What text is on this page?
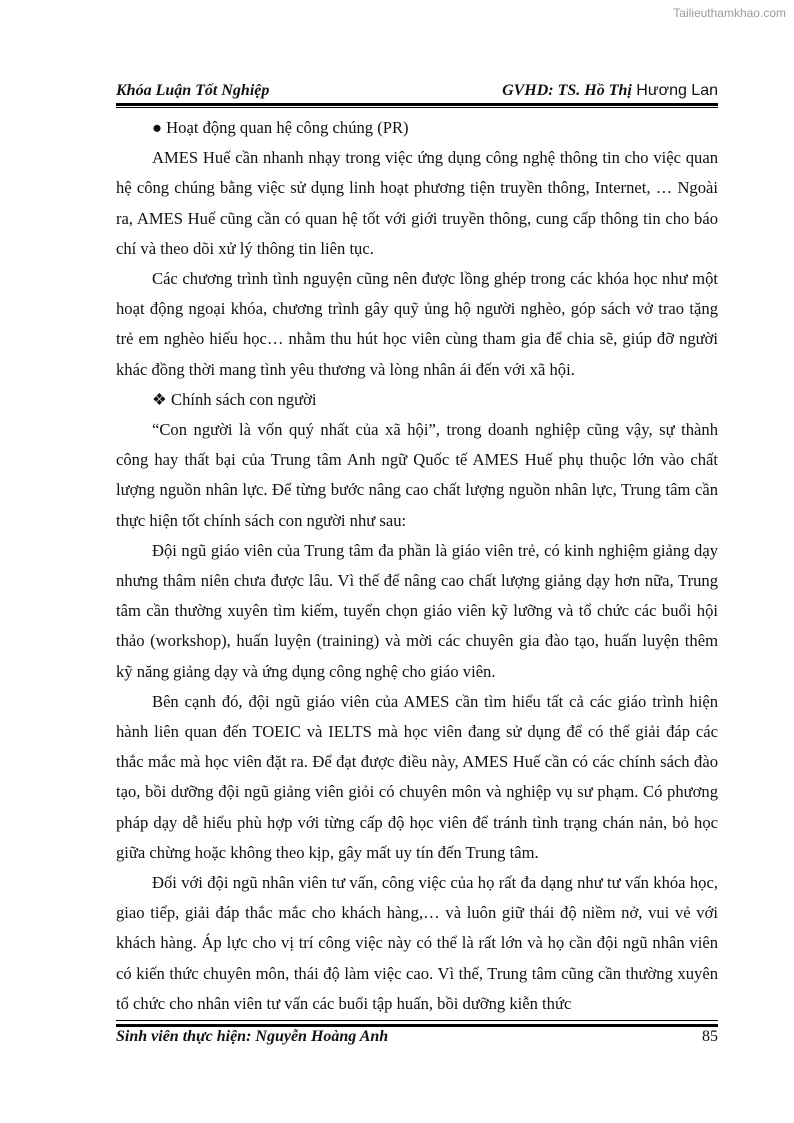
Tailieuthamkhao.com
Khóa Luận Tốt Nghiệp	GVHD: TS. Hồ Thị Hương Lan

● Hoạt động quan hệ công chúng (PR)

AMES Huế cần nhanh nhạy trong việc ứng dụng công nghệ thông tin cho việc quan hệ công chúng bằng việc sử dụng linh hoạt phương tiện truyền thông, Internet, … Ngoài ra, AMES Huế cũng cần có quan hệ tốt với giới truyền thông, cung cấp thông tin cho báo chí và theo dõi xử lý thông tin liên tục.

Các chương trình tình nguyện cũng nên được lồng ghép trong các khóa học như một hoạt động ngoại khóa, chương trình gây quỹ ủng hộ người nghèo, góp sách vở trao tặng trẻ em nghèo hiếu học… nhằm thu hút học viên cùng tham gia để chia sẽ, giúp đỡ người khác đồng thời mang tình yêu thương và lòng nhân ái đến với xã hội.

❖ Chính sách con người

“Con người là vốn quý nhất của xã hội”, trong doanh nghiệp cũng vậy, sự thành công hay thất bại của Trung tâm Anh ngữ Quốc tế AMES Huế phụ thuộc lớn vào chất lượng nguồn nhân lực. Để từng bước nâng cao chất lượng nguồn nhân lực, Trung tâm cần thực hiện tốt chính sách con người như sau:

Đội ngũ giáo viên của Trung tâm đa phần là giáo viên trẻ, có kinh nghiệm giảng dạy nhưng thâm niên chưa được lâu. Vì thế để nâng cao chất lượng giảng dạy hơn nữa, Trung tâm cần thường xuyên tìm kiếm, tuyển chọn giáo viên kỹ lưỡng và tổ chức các buổi hội thảo (workshop), huấn luyện (training) và mời các chuyên gia đào tạo, huấn luyện thêm kỹ năng giảng dạy và ứng dụng công nghệ cho giáo viên.

Bên cạnh đó, đội ngũ giáo viên của AMES cần tìm hiểu tất cả các giáo trình hiện hành liên quan đến TOEIC và IELTS mà học viên đang sử dụng để có thể giải đáp các thắc mắc mà học viên đặt ra. Để đạt được điều này, AMES Huế cần có các chính sách đào tạo, bồi dưỡng đội ngũ giảng viên giỏi có chuyên môn và nghiệp vụ sư phạm. Có phương pháp dạy dễ hiểu phù hợp với từng cấp độ học viên để tránh tình trạng chán nản, bỏ học giữa chừng hoặc không theo kịp, gây mất uy tín đến Trung tâm.

Đối với đội ngũ nhân viên tư vấn, công việc của họ rất đa dạng như tư vấn khóa học, giao tiếp, giải đáp thắc mắc cho khách hàng,… và luôn giữ thái độ niềm nở, vui vẻ với khách hàng. Áp lực cho vị trí công việc này có thể là rất lớn và họ cần đội ngũ nhân viên có kiến thức chuyên môn, thái độ làm việc cao. Vì thế, Trung tâm cũng cần thường xuyên tổ chức cho nhân viên tư vấn các buổi tập huấn, bồi dưỡng kiễn thức

Sinh viên thực hiện: Nguyễn Hoàng Anh	85
